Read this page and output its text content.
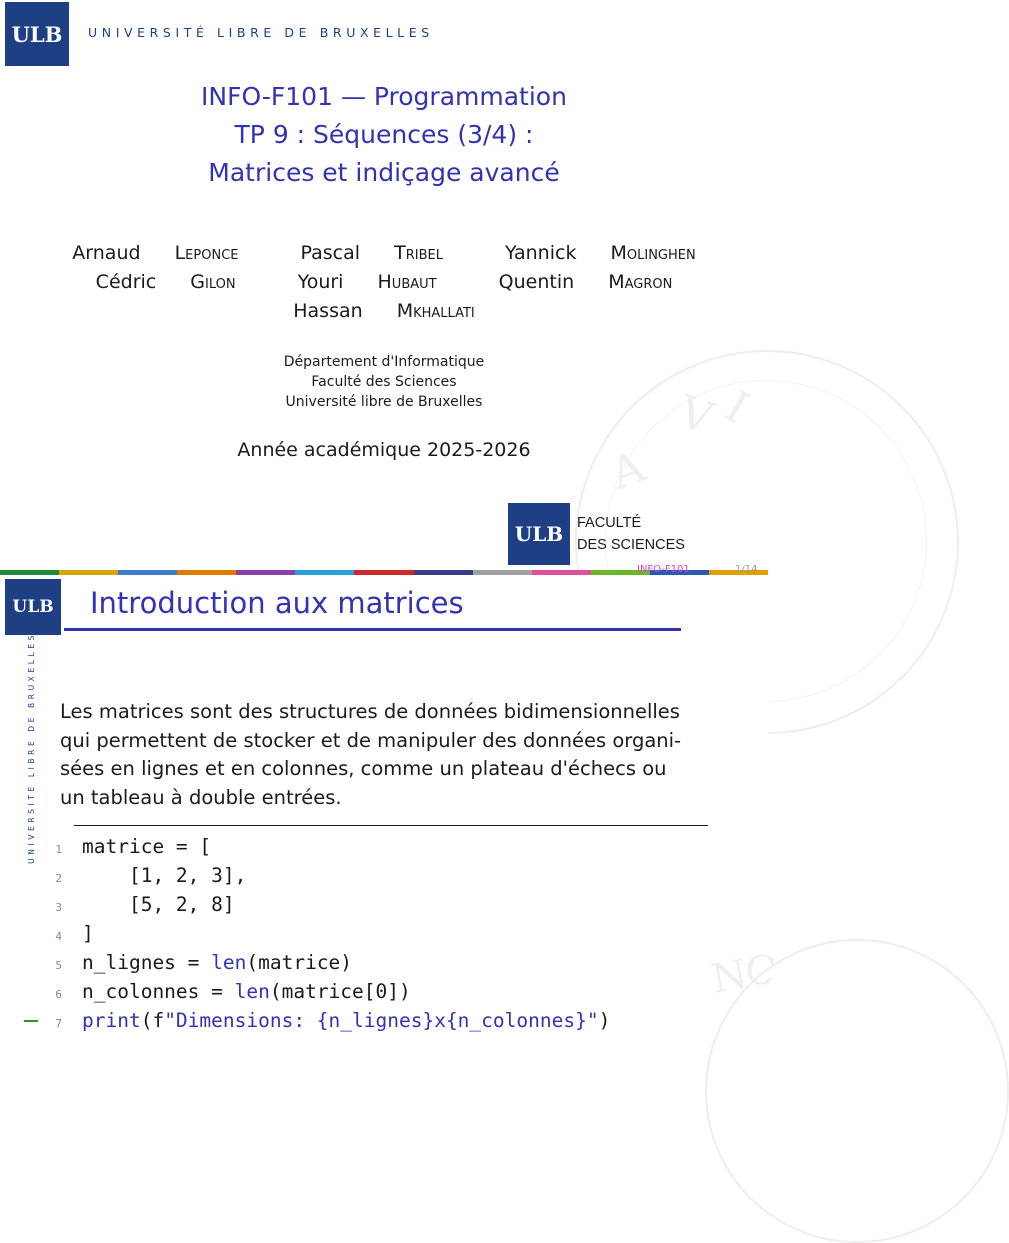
V
I
A
ULB	UNIVERSITÉ LIBRE DE BRUXELLES
INFO-F101 — Programmation
TP 9 : Séquences (3/4) :
Matrices et indiçage avancé
Arnaud Leponce	Pascal Tribel	Yannick Molinghen
Cédric Gilon	Youri Hubaut	Quentin Magron
Hassan Mkhallati
Département d'Informatique
Faculté des Sciences
Université libre de Bruxelles
Année académique 2025-2026
ULB FACULTÉ
DES SCIENCES
INFO-F101	1/14
N
C
ULB
UNIVERSITÉ LIBRE DE BRUXELLES
Introduction aux matrices
Les matrices sont des structures de données bidimensionnelles
qui permettent de stocker et de manipuler des données organi-
sées en lignes et en colonnes, comme un plateau d'échecs ou
un tableau à double entrées.
1 matrice = [
2    [1, 2, 3],
3    [5, 2, 8]
4 ]
5 n_lignes = len(matrice)
6 n_colonnes = len(matrice[0])
7 print(f"Dimensions: {n_lignes}x{n_colonnes}")
